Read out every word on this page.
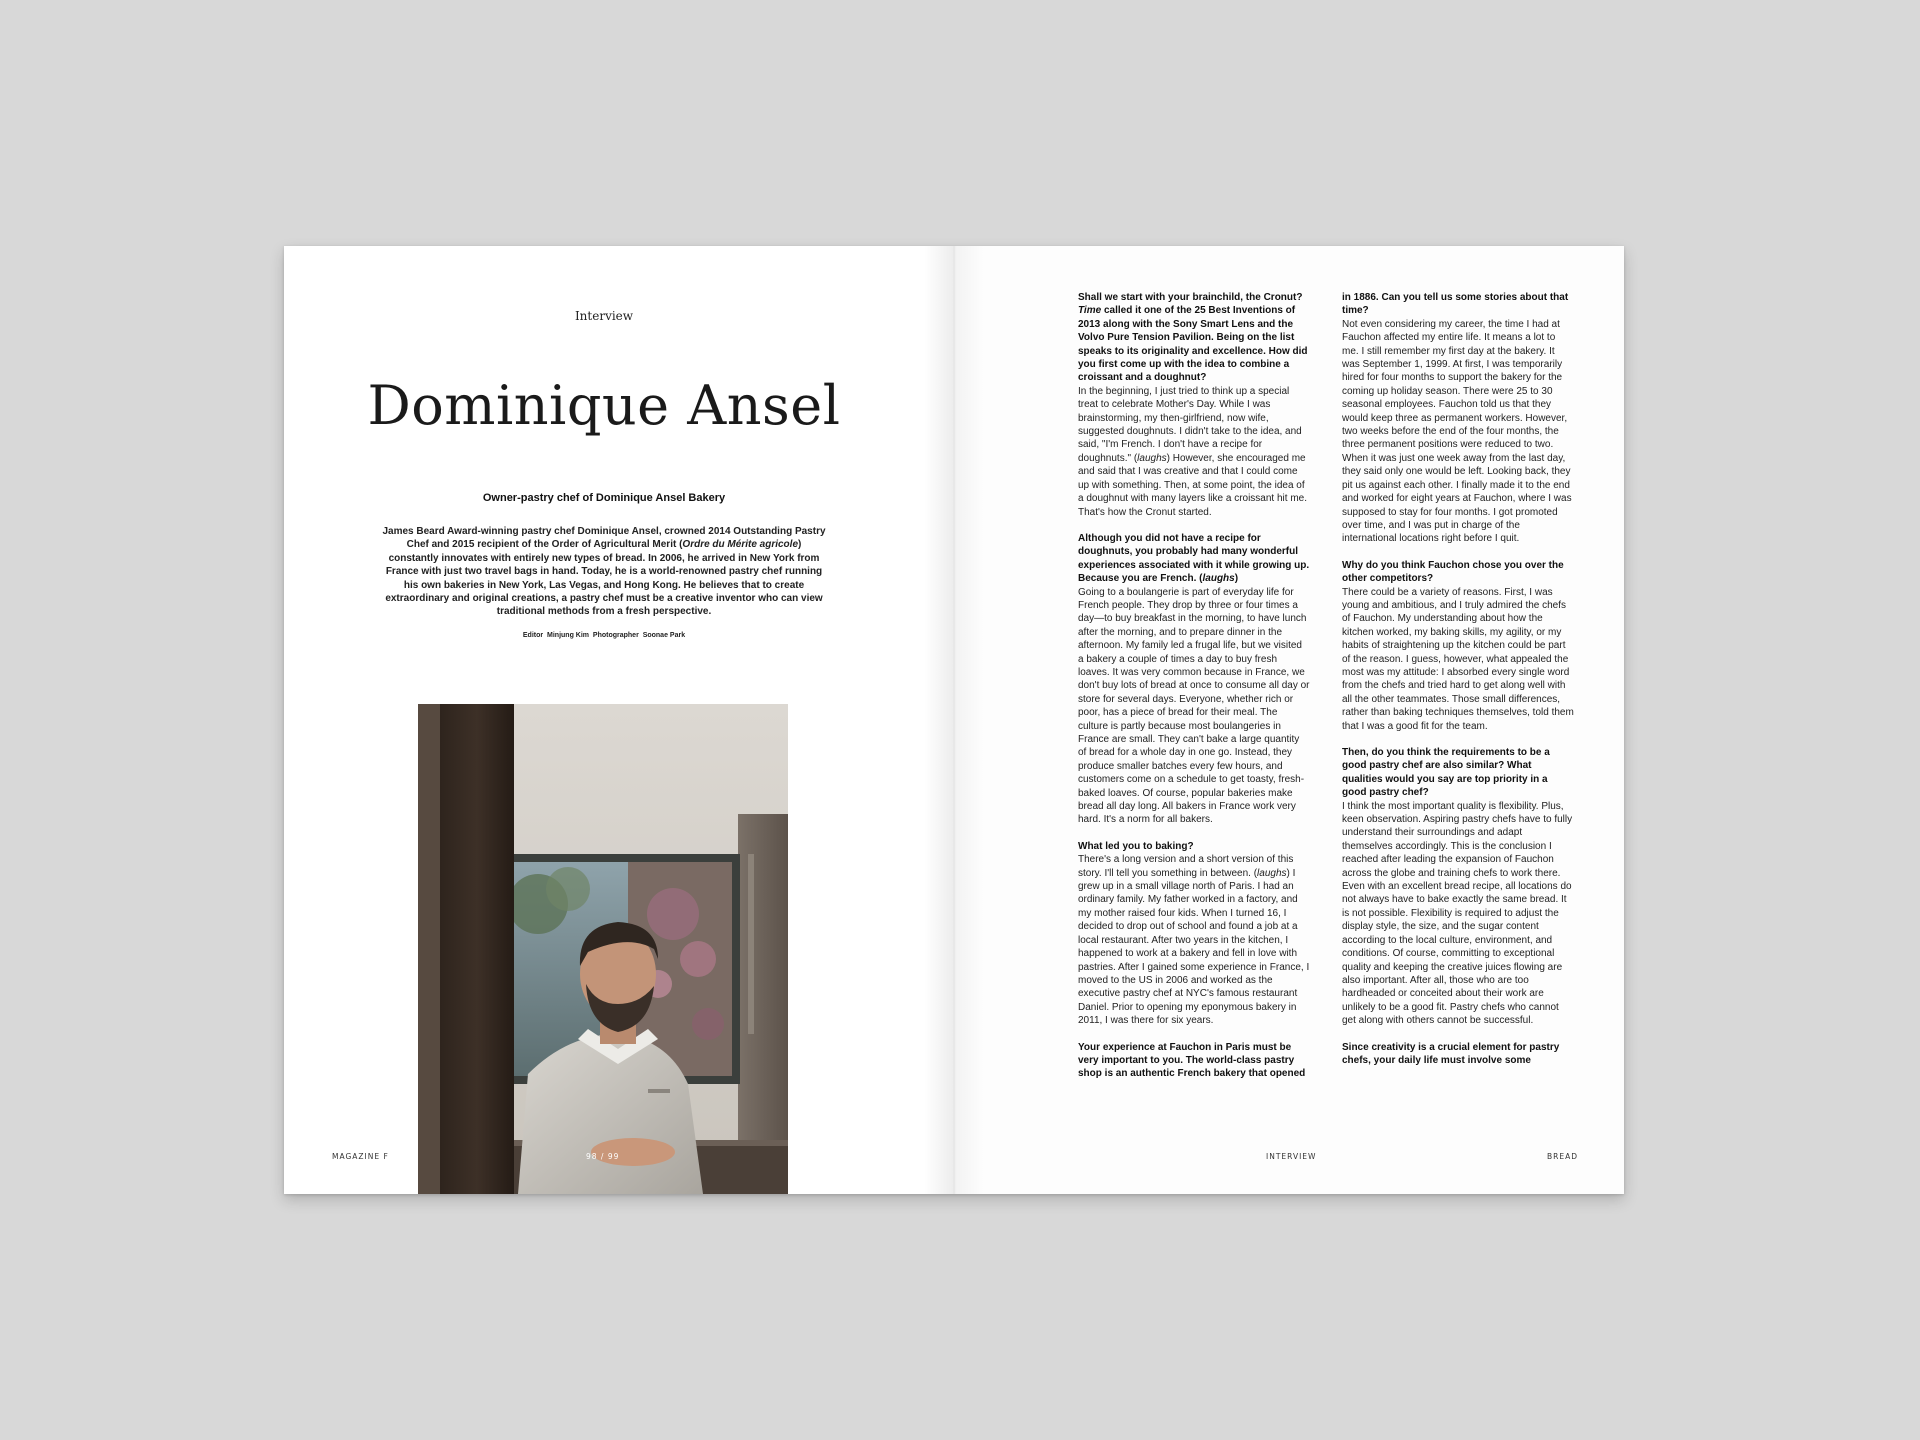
Interview
Dominique Ansel
Owner-pastry chef of Dominique Ansel Bakery

James Beard Award-winning pastry chef Dominique Ansel, crowned 2014 Outstanding Pastry Chef and 2015 recipient of the Order of Agricultural Merit (Ordre du Mérite agricole) constantly innovates with entirely new types of bread. In 2006, he arrived in New York from France with just two travel bags in hand. Today, he is a world-renowned pastry chef running his own bakeries in New York, Las Vegas, and Hong Kong. He believes that to create extraordinary and original creations, a pastry chef must be a creative inventor who can view traditional methods from a fresh perspective.

Editor Minjung Kim Photographer Soonae Park
MAGAZINE F	98 / 99
Shall we start with your brainchild, the Cronut? Time called it one of the 25 Best Inventions of 2013 along with the Sony Smart Lens and the Volvo Pure Tension Pavilion. Being on the list speaks to its originality and excellence. How did you first come up with the idea to combine a croissant and a doughnut?

In the beginning, I just tried to think up a special treat to celebrate Mother's Day. While I was brainstorming, my then-girlfriend, now wife, suggested doughnuts. I didn't take to the idea, and said, "I'm French. I don't have a recipe for doughnuts." (laughs) However, she encouraged me and said that I was creative and that I could come up with something. Then, at some point, the idea of a doughnut with many layers like a croissant hit me. That's how the Cronut started.

Although you did not have a recipe for doughnuts, you probably had many wonderful experiences associated with it while growing up. Because you are French. (laughs)

Going to a boulangerie is part of everyday life for French people. They drop by three or four times a day—to buy breakfast in the morning, to have lunch after the morning, and to prepare dinner in the afternoon. My family led a frugal life, but we visited a bakery a couple of times a day to buy fresh loaves. It was very common because in France, we don't buy lots of bread at once to consume all day or store for several days. Everyone, whether rich or poor, has a piece of bread for their meal. The culture is partly because most boulangeries in France are small. They can't bake a large quantity of bread for a whole day in one go. Instead, they produce smaller batches every few hours, and customers come on a schedule to get toasty, fresh-baked loaves. Of course, popular bakeries make bread all day long. All bakers in France work very hard. It's a norm for all bakers.

What led you to baking?

There's a long version and a short version of this story. I'll tell you something in between. (laughs) I grew up in a small village north of Paris. I had an ordinary family. My father worked in a factory, and my mother raised four kids. When I turned 16, I decided to drop out of school and found a job at a local restaurant. After two years in the kitchen, I happened to work at a bakery and fell in love with pastries. After I gained some experience in France, I moved to the US in 2006 and worked as the executive pastry chef at NYC's famous restaurant Daniel. Prior to opening my eponymous bakery in 2011, I was there for six years.

Your experience at Fauchon in Paris must be very important to you. The world-class pastry shop is an authentic French bakery that opened
in 1886. Can you tell us some stories about that time?

Not even considering my career, the time I had at Fauchon affected my entire life. It means a lot to me. I still remember my first day at the bakery. It was September 1, 1999. At first, I was temporarily hired for four months to support the bakery for the coming up holiday season. There were 25 to 30 seasonal employees. Fauchon told us that they would keep three as permanent workers. However, two weeks before the end of the four months, the three permanent positions were reduced to two. When it was just one week away from the last day, they said only one would be left. Looking back, they pit us against each other. I finally made it to the end and worked for eight years at Fauchon, where I was supposed to stay for four months. I got promoted over time, and I was put in charge of the international locations right before I quit.

Why do you think Fauchon chose you over the other competitors?

There could be a variety of reasons. First, I was young and ambitious, and I truly admired the chefs of Fauchon. My understanding about how the kitchen worked, my baking skills, my agility, or my habits of straightening up the kitchen could be part of the reason. I guess, however, what appealed the most was my attitude: I absorbed every single word from the chefs and tried hard to get along well with all the other teammates. Those small differences, rather than baking techniques themselves, told them that I was a good fit for the team.

Then, do you think the requirements to be a good pastry chef are also similar? What qualities would you say are top priority in a good pastry chef?

I think the most important quality is flexibility. Plus, keen observation. Aspiring pastry chefs have to fully understand their surroundings and adapt themselves accordingly. This is the conclusion I reached after leading the expansion of Fauchon across the globe and training chefs to work there. Even with an excellent bread recipe, all locations do not always have to bake exactly the same bread. It is not possible. Flexibility is required to adjust the display style, the size, and the sugar content according to the local culture, environment, and conditions. Of course, committing to exceptional quality and keeping the creative juices flowing are also important. After all, those who are too hardheaded or conceited about their work are unlikely to be a good fit. Pastry chefs who cannot get along with others cannot be successful.

Since creativity is a crucial element for pastry chefs, your daily life must involve some
INTERVIEW	BREAD
